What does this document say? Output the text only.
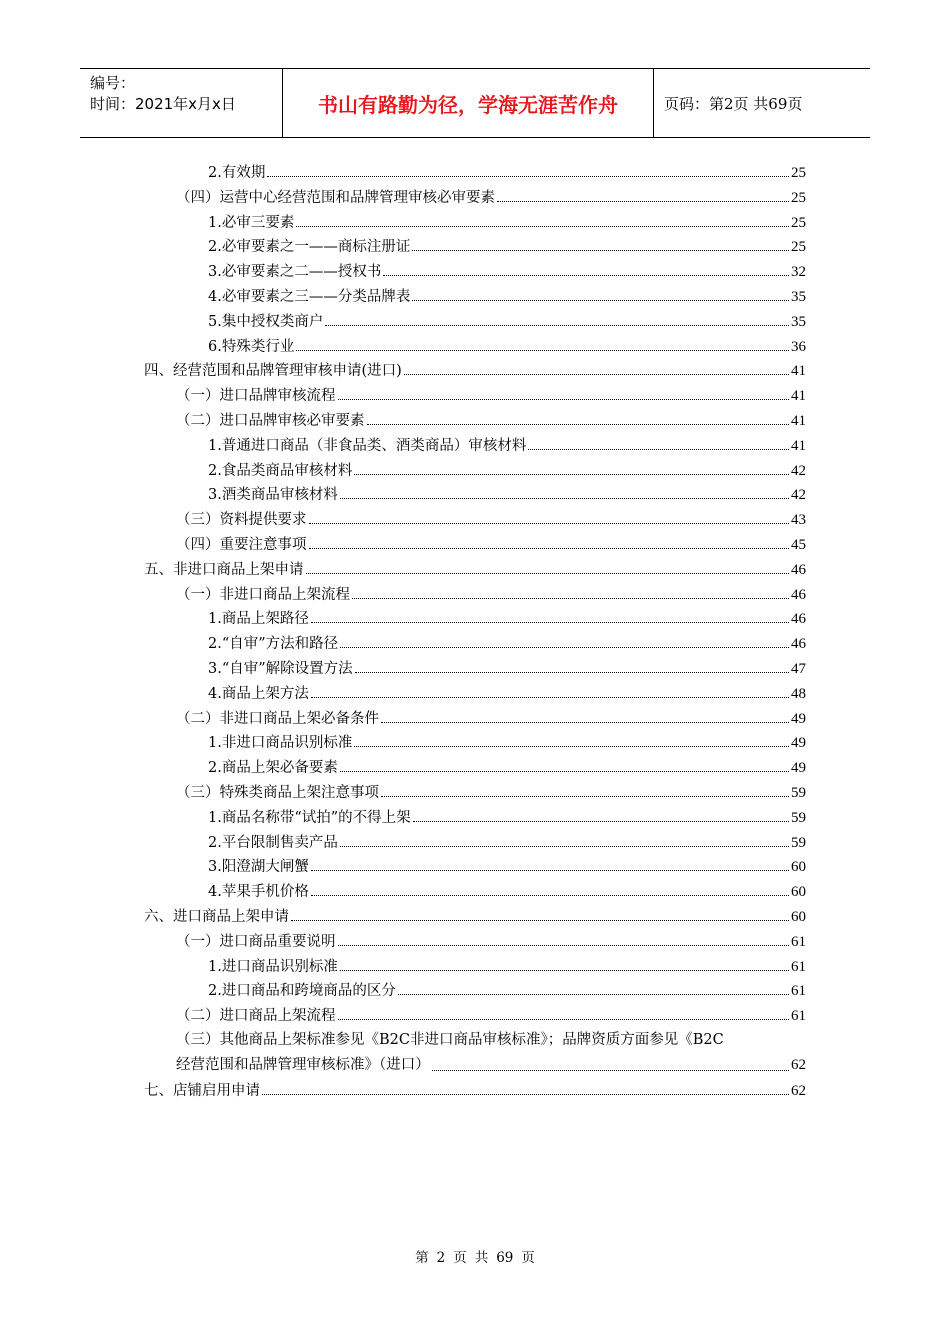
编号：
时间：2021年x月x日	书山有路勤为径，学海无涯苦作舟	页码：第2页 共69页
2.有效期	25
（四）运营中心经营范围和品牌管理审核必审要素	25
1.必审三要素	25
2.必审要素之一——商标注册证	25
3.必审要素之二——授权书	32
4.必审要素之三——分类品牌表	35
5.集中授权类商户	35
6.特殊类行业	36
四、经营范围和品牌管理审核申请(进口)	41
（一）进口品牌审核流程	41
（二）进口品牌审核必审要素	41
1.普通进口商品（非食品类、酒类商品）审核材料	41
2.食品类商品审核材料	42
3.酒类商品审核材料	42
（三）资料提供要求	43
（四）重要注意事项	45
五、非进口商品上架申请	46
（一）非进口商品上架流程	46
1.商品上架路径	46
2.“自审”方法和路径	46
3.“自审”解除设置方法	47
4.商品上架方法	48
（二）非进口商品上架必备条件	49
1.非进口商品识别标准	49
2.商品上架必备要素	49
（三）特殊类商品上架注意事项	59
1.商品名称带“试拍”的不得上架	59
2.平台限制售卖产品	59
3.阳澄湖大闸蟹	60
4.苹果手机价格	60
六、进口商品上架申请	60
（一）进口商品重要说明	61
1.进口商品识别标准	61
2.进口商品和跨境商品的区分	61
（二）进口商品上架流程	61
（三）其他商品上架标准参见《B2C非进口商品审核标准》；品牌资质方面参见《B2C
经营范围和品牌管理审核标准》（进口）	62
七、店铺启用申请	62
第 2 页 共 69 页
